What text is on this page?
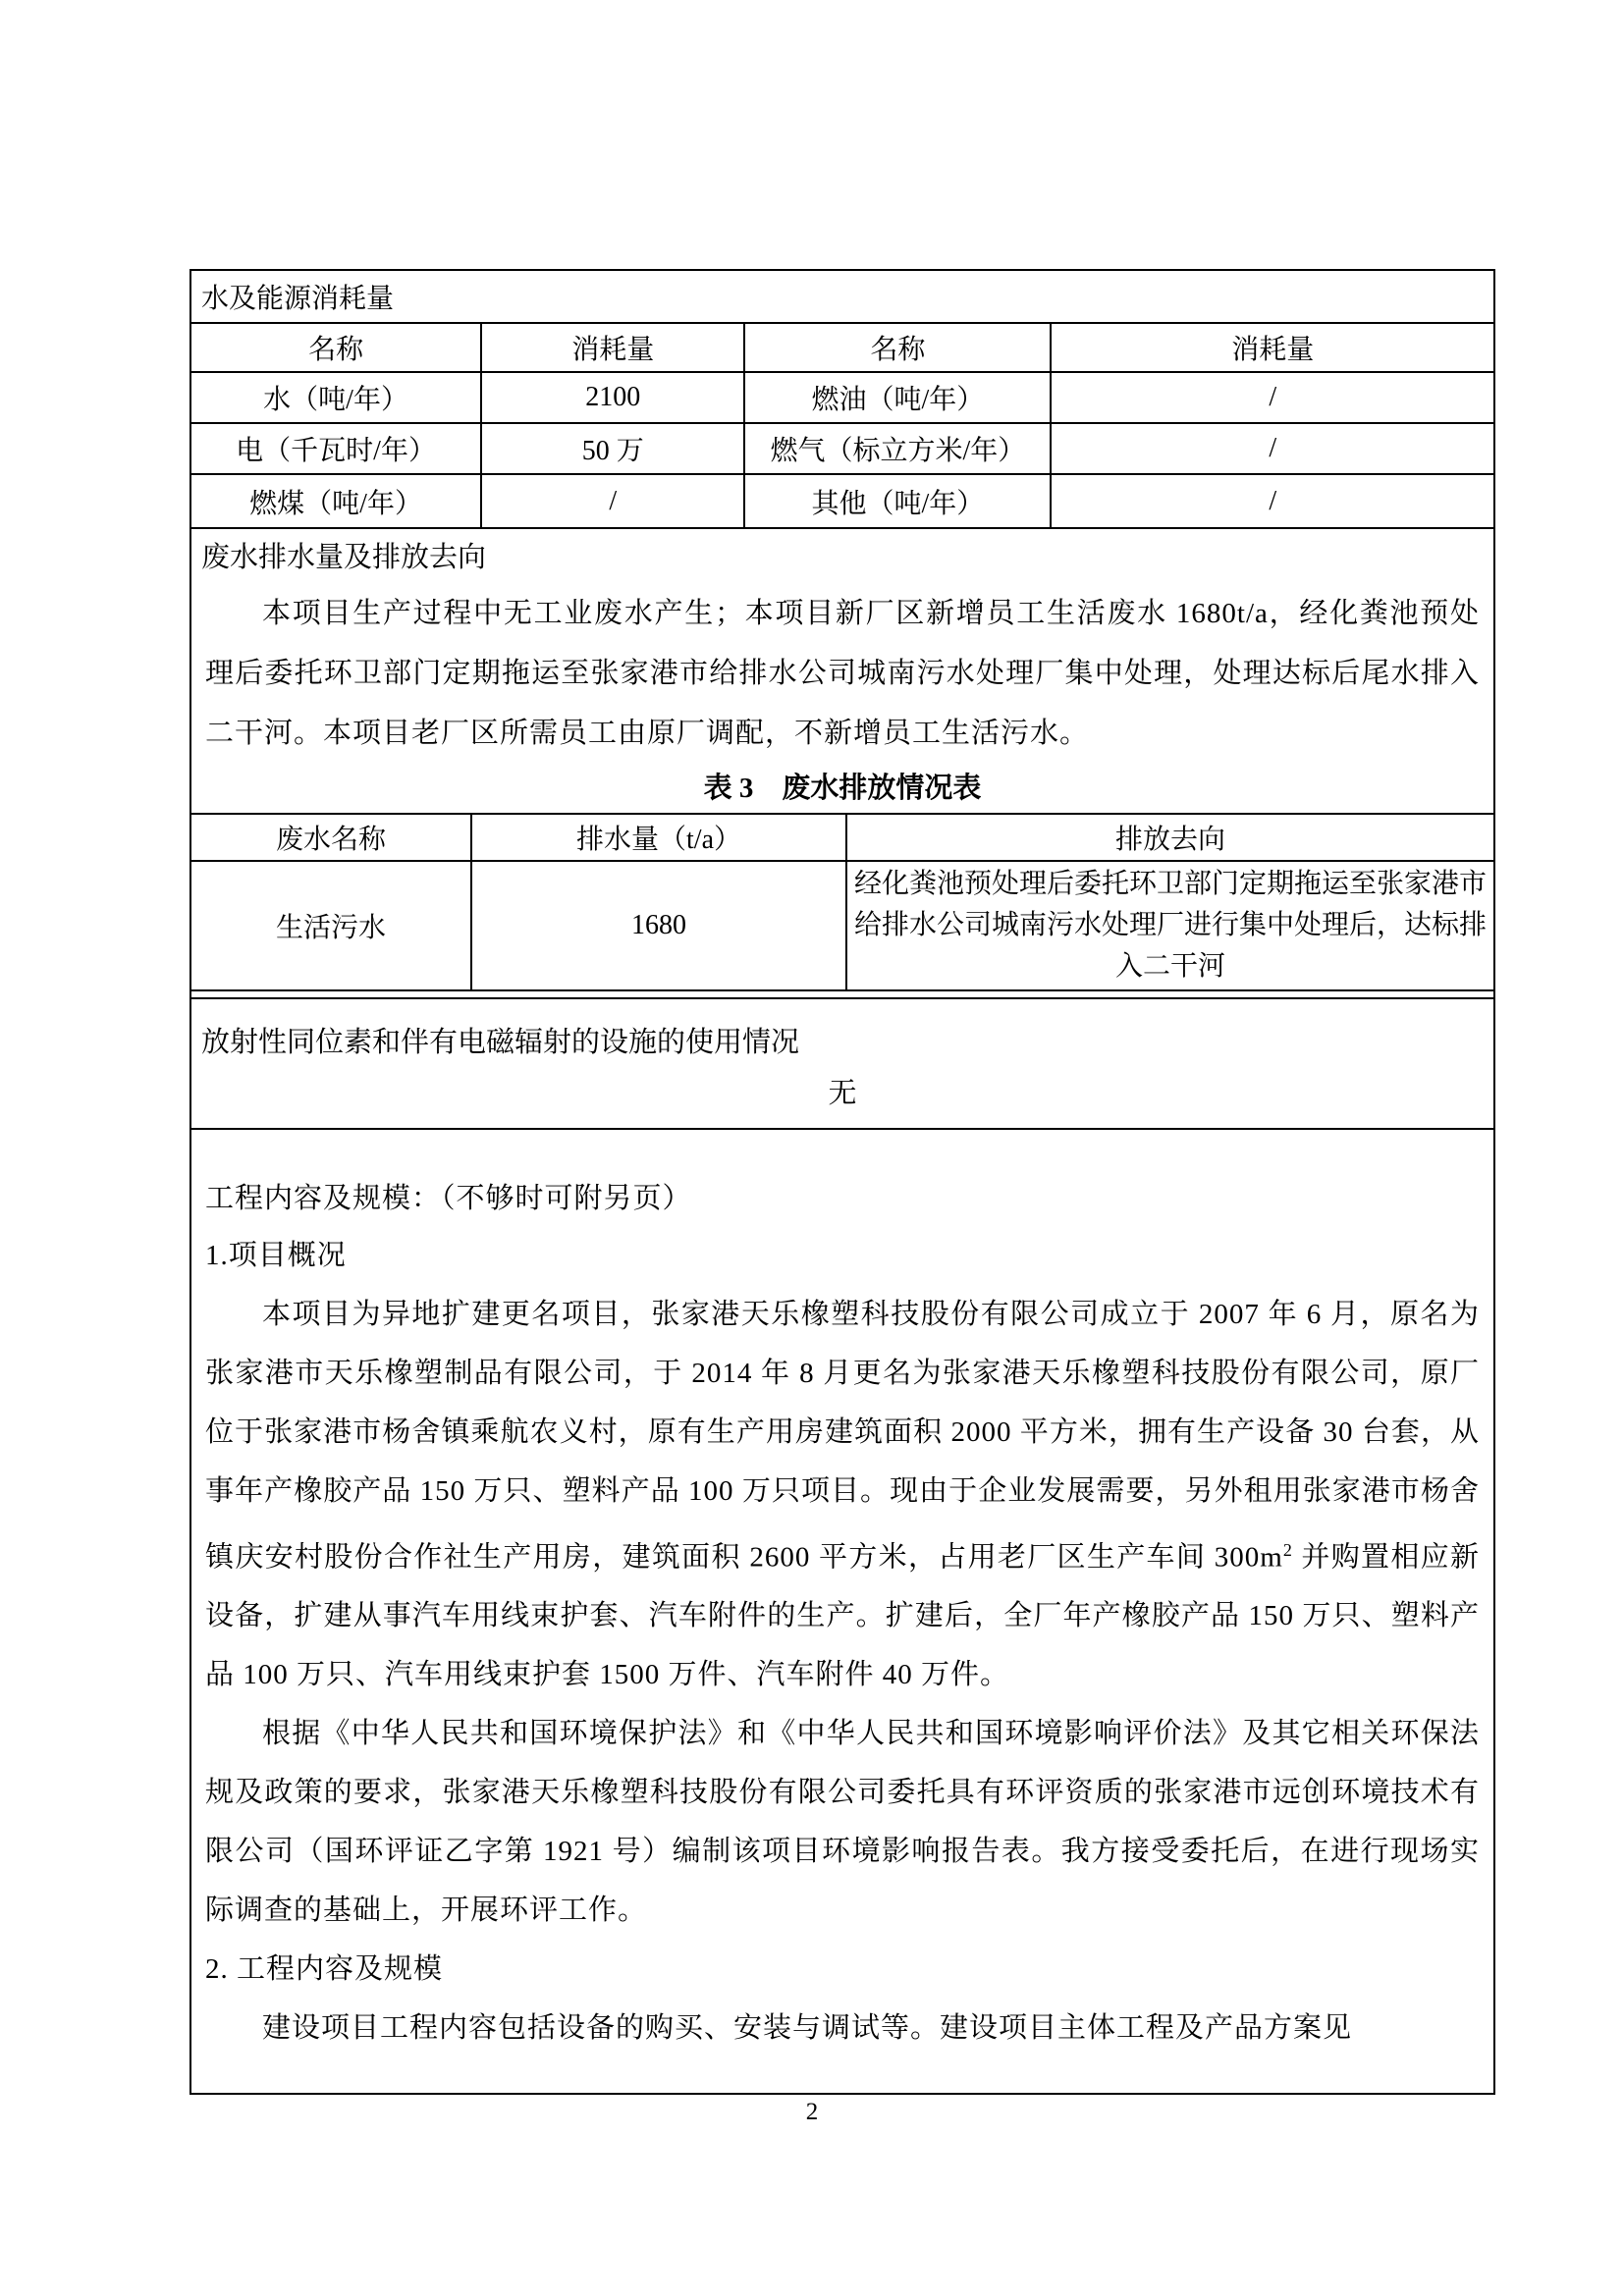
水及能源消耗量
名称	消耗量	名称	消耗量
水（吨/年）	2100	燃油（吨/年）	/
电（千瓦时/年）	50 万	燃气（标立方米/年）	/
燃煤（吨/年）	/	其他（吨/年）	/

废水排水量及排放去向

本项目生产过程中无工业废水产生；本项目新厂区新增员工生活废水 1680t/a，经化粪池预处理后委托环卫部门定期拖运至张家港市给排水公司城南污水处理厂集中处理，处理达标后尾水排入二干河。本项目老厂区所需员工由原厂调配，不新增员工生活污水。

表 3　废水排放情况表
废水名称	排水量（t/a）	排放去向
生活污水	1680	经化粪池预处理后委托环卫部门定期拖运至张家港市给排水公司城南污水处理厂进行集中处理后，达标排入二干河

放射性同位素和伴有电磁辐射的设施的使用情况
无

工程内容及规模：（不够时可附另页）
1.项目概况

本项目为异地扩建更名项目，张家港天乐橡塑科技股份有限公司成立于 2007 年 6 月，原名为张家港市天乐橡塑制品有限公司，于 2014 年 8 月更名为张家港天乐橡塑科技股份有限公司，原厂位于张家港市杨舍镇乘航农义村，原有生产用房建筑面积 2000 平方米，拥有生产设备 30 台套，从事年产橡胶产品 150 万只、塑料产品 100 万只项目。现由于企业发展需要，另外租用张家港市杨舍镇庆安村股份合作社生产用房，建筑面积 2600 平方米，占用老厂区生产车间 $300m^2$ 并购置相应新设备，扩建从事汽车用线束护套、汽车附件的生产。扩建后，全厂年产橡胶产品 150 万只、塑料产品 100 万只、汽车用线束护套 1500 万件、汽车附件 40 万件。

根据《中华人民共和国环境保护法》和《中华人民共和国环境影响评价法》及其它相关环保法规及政策的要求，张家港天乐橡塑科技股份有限公司委托具有环评资质的张家港市远创环境技术有限公司（国环评证乙字第 1921 号）编制该项目环境影响报告表。我方接受委托后，在进行现场实际调查的基础上，开展环评工作。

2. 工程内容及规模

建设项目工程内容包括设备的购买、安装与调试等。建设项目主体工程及产品方案见

2
